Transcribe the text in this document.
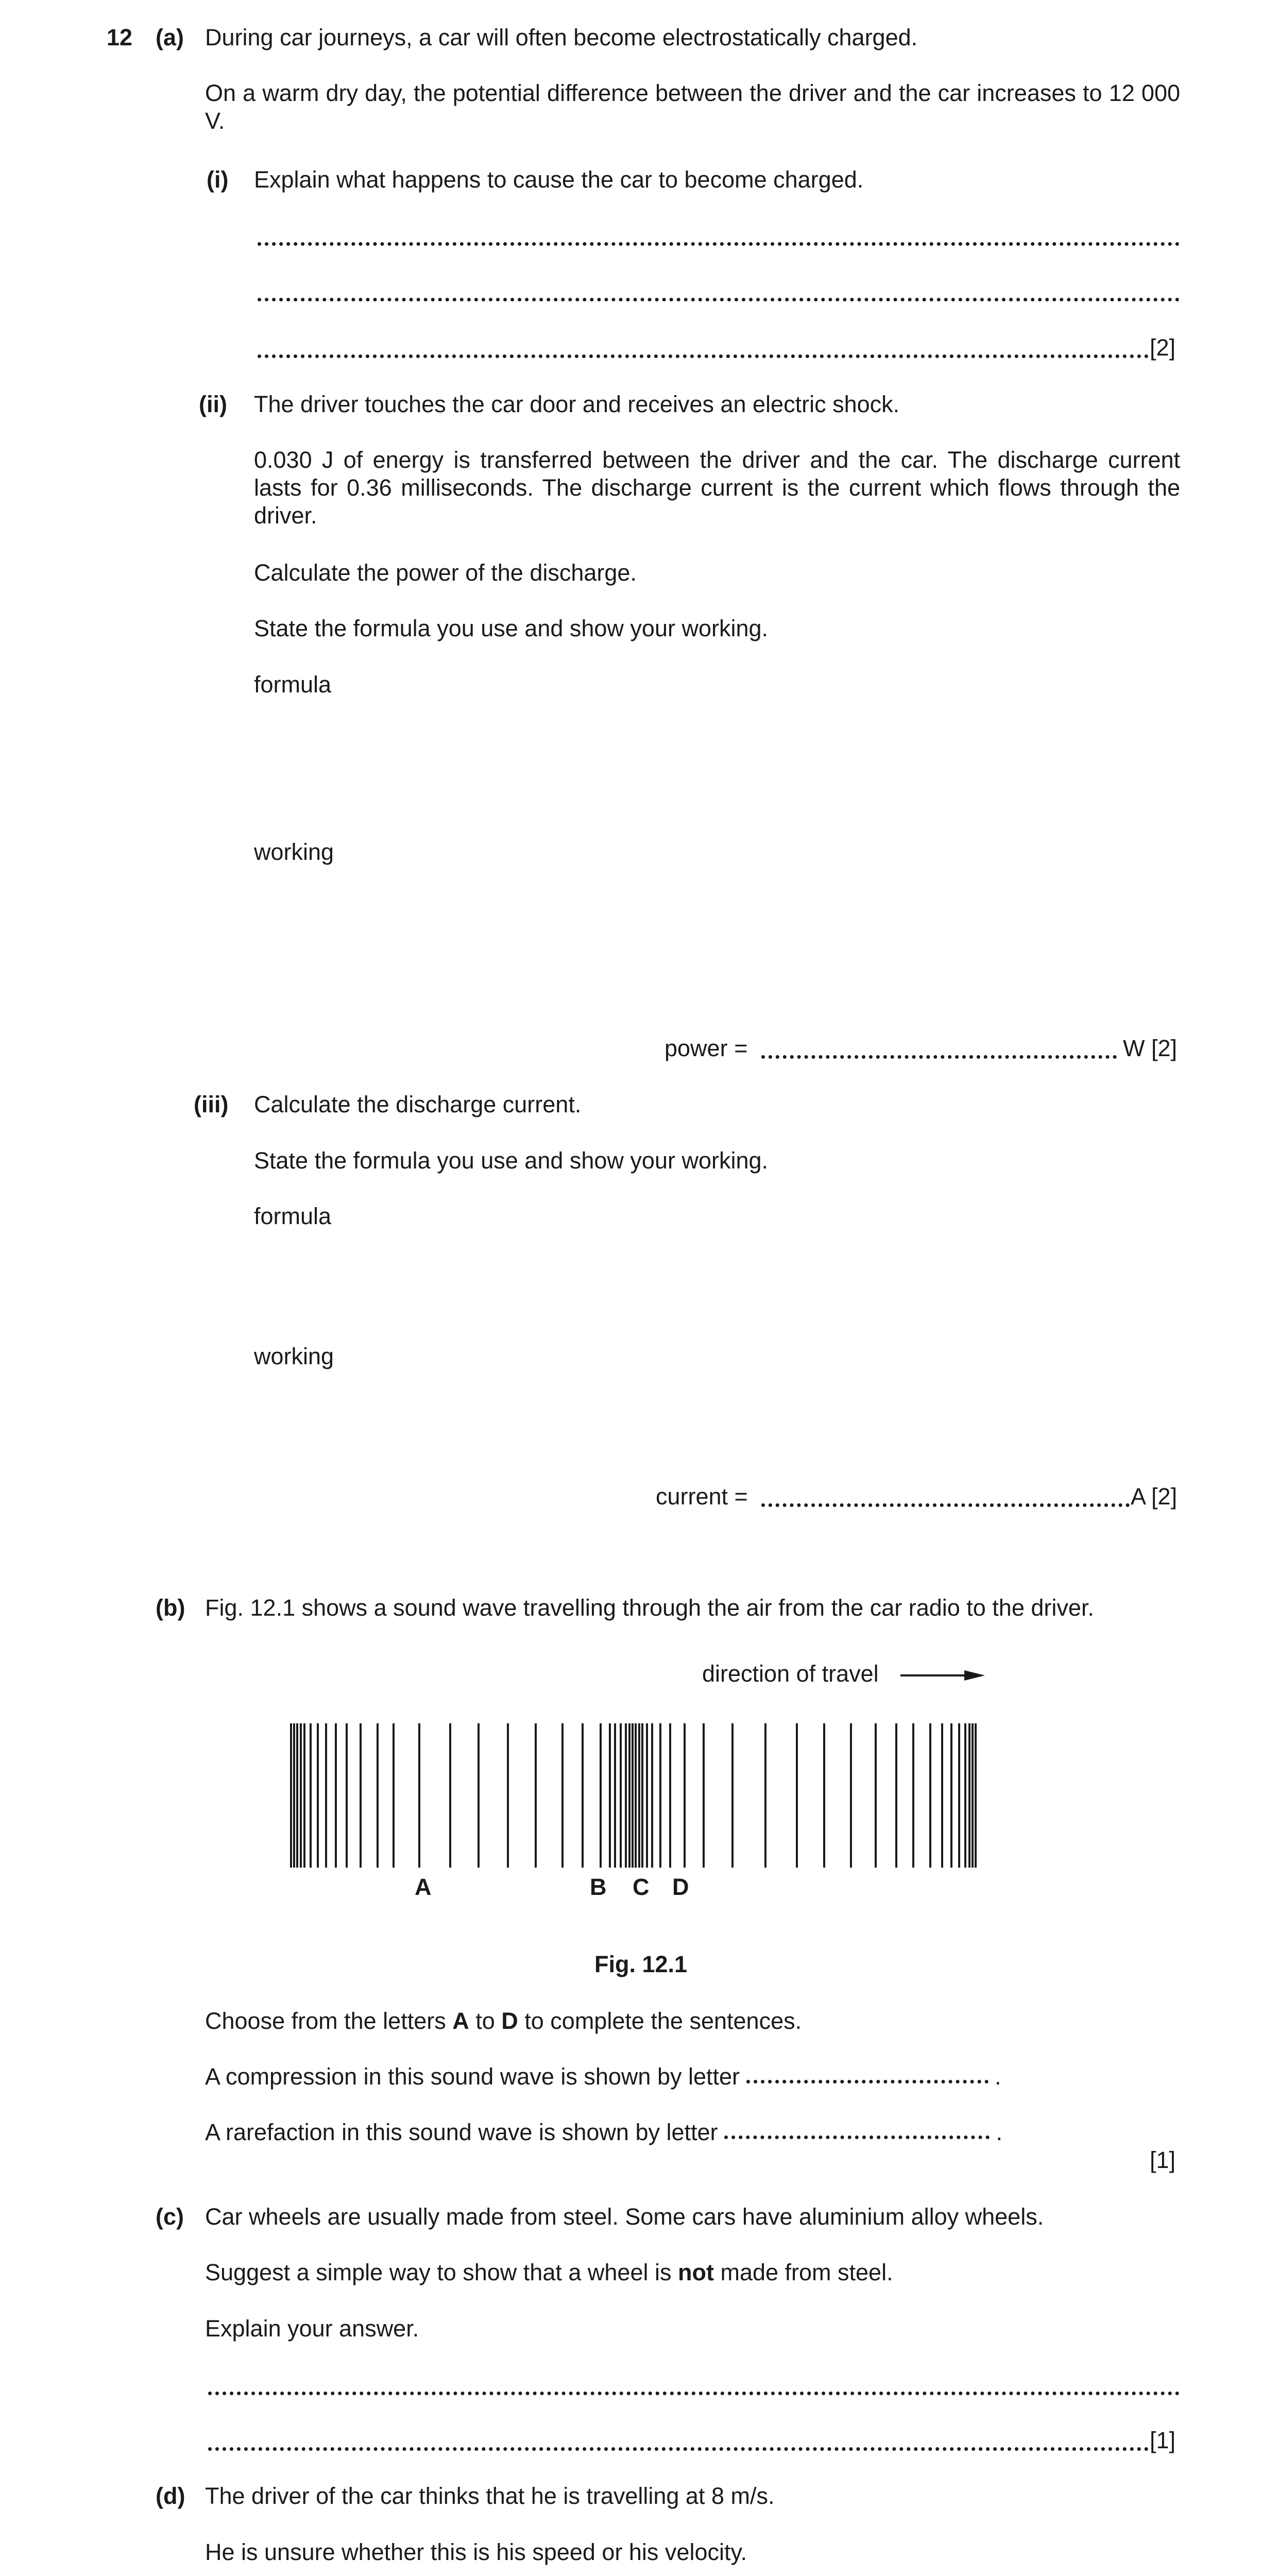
12 (a) During car journeys, a car will often become electrostatically charged.
On a warm dry day, the potential difference between the driver and the car increases to 12 000 V.
(i) Explain what happens to cause the car to become charged.
[2]
(ii) The driver touches the car door and receives an electric shock.
0.030 J of energy is transferred between the driver and the car. The discharge current lasts for 0.36 milliseconds. The discharge current is the current which flows through the driver.
Calculate the power of the discharge.
State the formula you use and show your working.
formula
working
power =	W [2]
(iii) Calculate the discharge current.
State the formula you use and show your working.
formula
working
current =	A [2]
(b) Fig. 12.1 shows a sound wave travelling through the air from the car radio to the driver.
direction of travel
A	B C D
Fig. 12.1
Choose from the letters A to D to complete the sentences.
A compression in this sound wave is shown by letter	.
A rarefaction in this sound wave is shown by letter	.
[1]
(c) Car wheels are usually made from steel. Some cars have aluminium alloy wheels.
Suggest a simple way to show that a wheel is not made from steel.
Explain your answer.
[1]
(d) The driver of the car thinks that he is travelling at 8 m/s.
He is unsure whether this is his speed or his velocity.
